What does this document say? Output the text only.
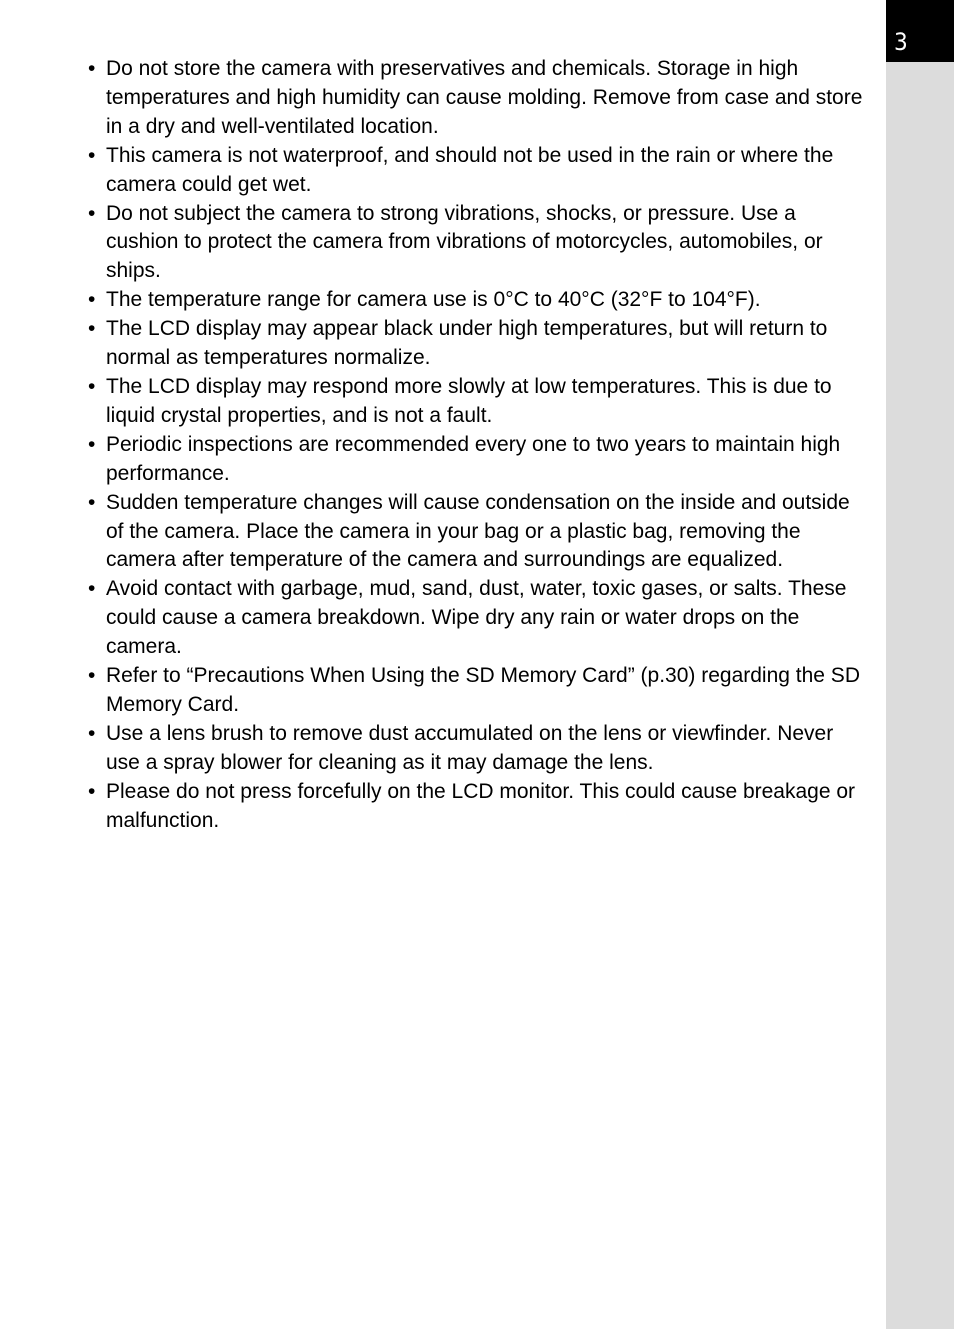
3
• Do not store the camera with preservatives and chemicals. Storage in high temperatures and high humidity can cause molding. Remove from case and store in a dry and well-ventilated location.
• This camera is not waterproof, and should not be used in the rain or where the camera could get wet.
• Do not subject the camera to strong vibrations, shocks, or pressure. Use a cushion to protect the camera from vibrations of motorcycles, automobiles, or ships.
• The temperature range for camera use is 0°C to 40°C (32°F to 104°F).
• The LCD display may appear black under high temperatures, but will return to normal as temperatures normalize.
• The LCD display may respond more slowly at low temperatures. This is due to liquid crystal properties, and is not a fault.
• Periodic inspections are recommended every one to two years to maintain high performance.
• Sudden temperature changes will cause condensation on the inside and outside of the camera. Place the camera in your bag or a plastic bag, removing the camera after temperature of the camera and surroundings are equalized.
• Avoid contact with garbage, mud, sand, dust, water, toxic gases, or salts. These could cause a camera breakdown. Wipe dry any rain or water drops on the camera.
• Refer to “Precautions When Using the SD Memory Card” (p.30) regarding the SD Memory Card.
• Use a lens brush to remove dust accumulated on the lens or viewfinder. Never use a spray blower for cleaning as it may damage the lens.
• Please do not press forcefully on the LCD monitor. This could cause breakage or malfunction.
